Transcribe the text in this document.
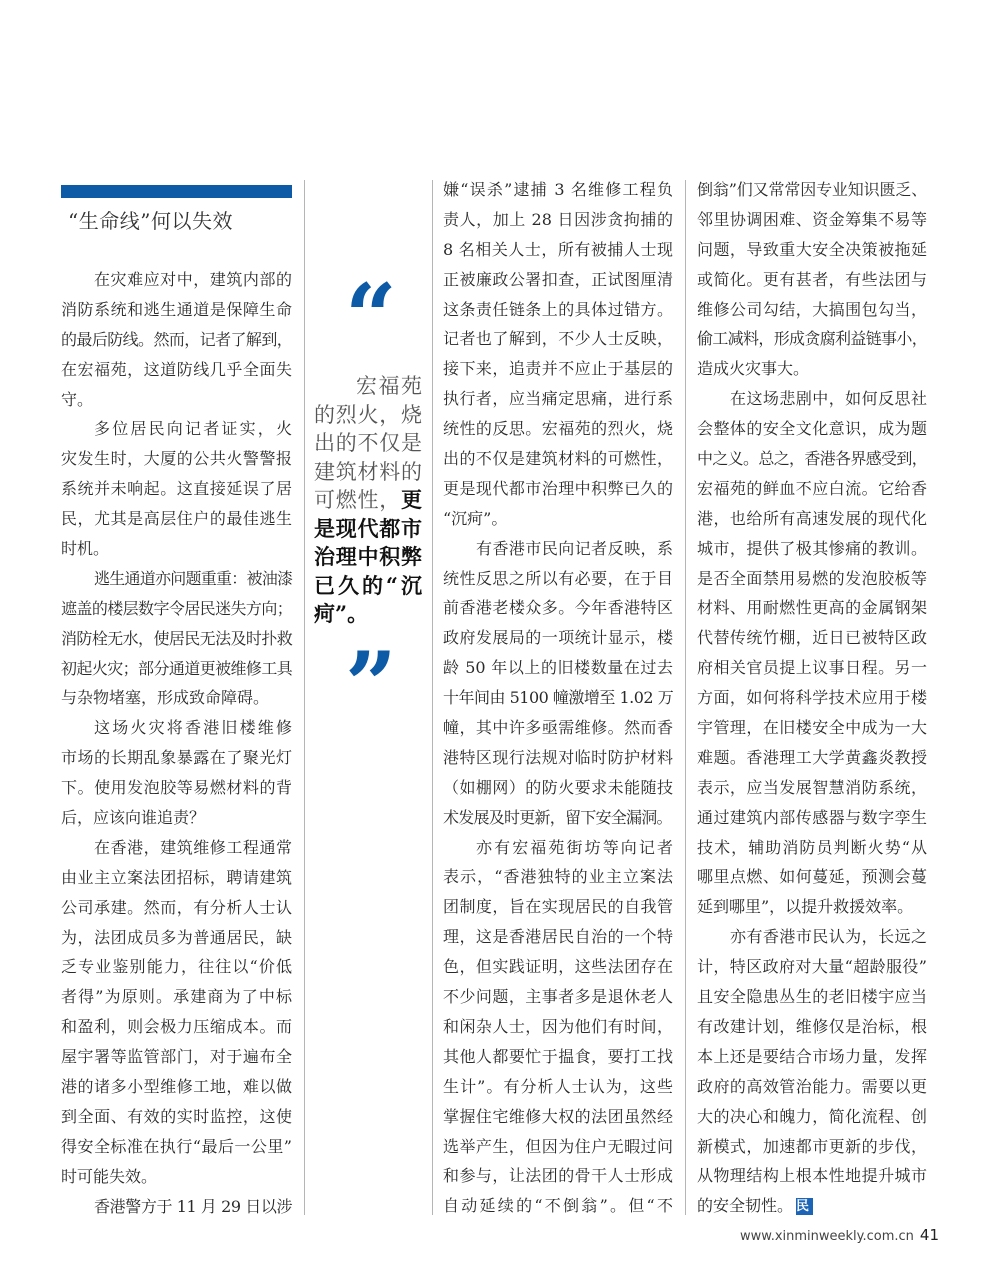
“生命线”何以失效
在灾难应对中，建筑内部的
消防系统和逃生通道是保障生命
的最后防线。然而，记者了解到，
在宏福苑，这道防线几乎全面失
守。
多位居民向记者证实，火
灾发生时，大厦的公共火警警报
系统并未响起。这直接延误了居
民，尤其是高层住户的最佳逃生
时机。
逃生通道亦问题重重：被油漆
遮盖的楼层数字令居民迷失方向；
消防栓无水，使居民无法及时扑救
初起火灾；部分通道更被维修工具
与杂物堵塞，形成致命障碍。
这场火灾将香港旧楼维修
市场的长期乱象暴露在了聚光灯
下。使用发泡胶等易燃材料的背
后，应该向谁追责？
在香港，建筑维修工程通常
由业主立案法团招标，聘请建筑
公司承建。然而，有分析人士认
为，法团成员多为普通居民，缺
乏专业鉴别能力，往往以“价低
者得”为原则。承建商为了中标
和盈利，则会极力压缩成本。而
屋宇署等监管部门，对于遍布全
港的诸多小型维修工地，难以做
到全面、有效的实时监控，这使
得安全标准在执行“最后一公里”
时可能失效。
香港警方于 11 月 29 日以涉
嫌“误杀”逮捕 3 名维修工程负
责人，加上 28 日因涉贪拘捕的
8 名相关人士，所有被捕人士现
正被廉政公署扣查，正试图厘清
这条责任链条上的具体过错方。
记者也了解到，不少人士反映，
接下来，追责并不应止于基层的
执行者，应当痛定思痛，进行系
统性的反思。宏福苑的烈火，烧
出的不仅是建筑材料的可燃性，
更是现代都市治理中积弊已久的
“沉疴”。
有香港市民向记者反映，系
统性反思之所以有必要，在于目
前香港老楼众多。今年香港特区
政府发展局的一项统计显示，楼
龄 50 年以上的旧楼数量在过去
十年间由 5100 幢激增至 1.02 万
幢，其中许多亟需维修。然而香
港特区现行法规对临时防护材料
（如棚网）的防火要求未能随技
术发展及时更新，留下安全漏洞。
亦有宏福苑街坊等向记者
表示，“香港独特的业主立案法
团制度，旨在实现居民的自我管
理，这是香港居民自治的一个特
色，但实践证明，这些法团存在
不少问题，主事者多是退休老人
和闲杂人士，因为他们有时间，
其他人都要忙于揾食，要打工找
生计”。有分析人士认为，这些
掌握住宅维修大权的法团虽然经
选举产生，但因为住户无暇过问
和参与，让法团的骨干人士形成
自动延续的“不倒翁”。但“不
倒翁”们又常常因专业知识匮乏、
邻里协调困难、资金筹集不易等
问题，导致重大安全决策被拖延
或简化。更有甚者，有些法团与
维修公司勾结，大搞围包勾当，
偷工减料，形成贪腐利益链事小，
造成火灾事大。
在这场悲剧中，如何反思社
会整体的安全文化意识，成为题
中之义。总之，香港各界感受到，
宏福苑的鲜血不应白流。它给香
港，也给所有高速发展的现代化
城市，提供了极其惨痛的教训。
是否全面禁用易燃的发泡胶板等
材料、用耐燃性更高的金属钢架
代替传统竹棚，近日已被特区政
府相关官员提上议事日程。另一
方面，如何将科学技术应用于楼
宇管理，在旧楼安全中成为一大
难题。香港理工大学黄鑫炎教授
表示，应当发展智慧消防系统，
通过建筑内部传感器与数字孪生
技术，辅助消防员判断火势“从
哪里点燃、如何蔓延，预测会蔓
延到哪里”，以提升救援效率。
亦有香港市民认为，长远之
计，特区政府对大量“超龄服役”
且安全隐患丛生的老旧楼宇应当
有改建计划，维修仅是治标，根
本上还是要结合市场力量，发挥
政府的高效管治能力。需要以更
大的决心和魄力，简化流程、创
新模式，加速都市更新的步伐，
从物理结构上根本性地提升城市
的安全韧性。 民
“
宏福苑的烈火，烧出的不仅是建筑材料的可燃性，更是现代都市治理中积弊已久的“沉疴”。
”
www.xinminweekly.com.cn 41
